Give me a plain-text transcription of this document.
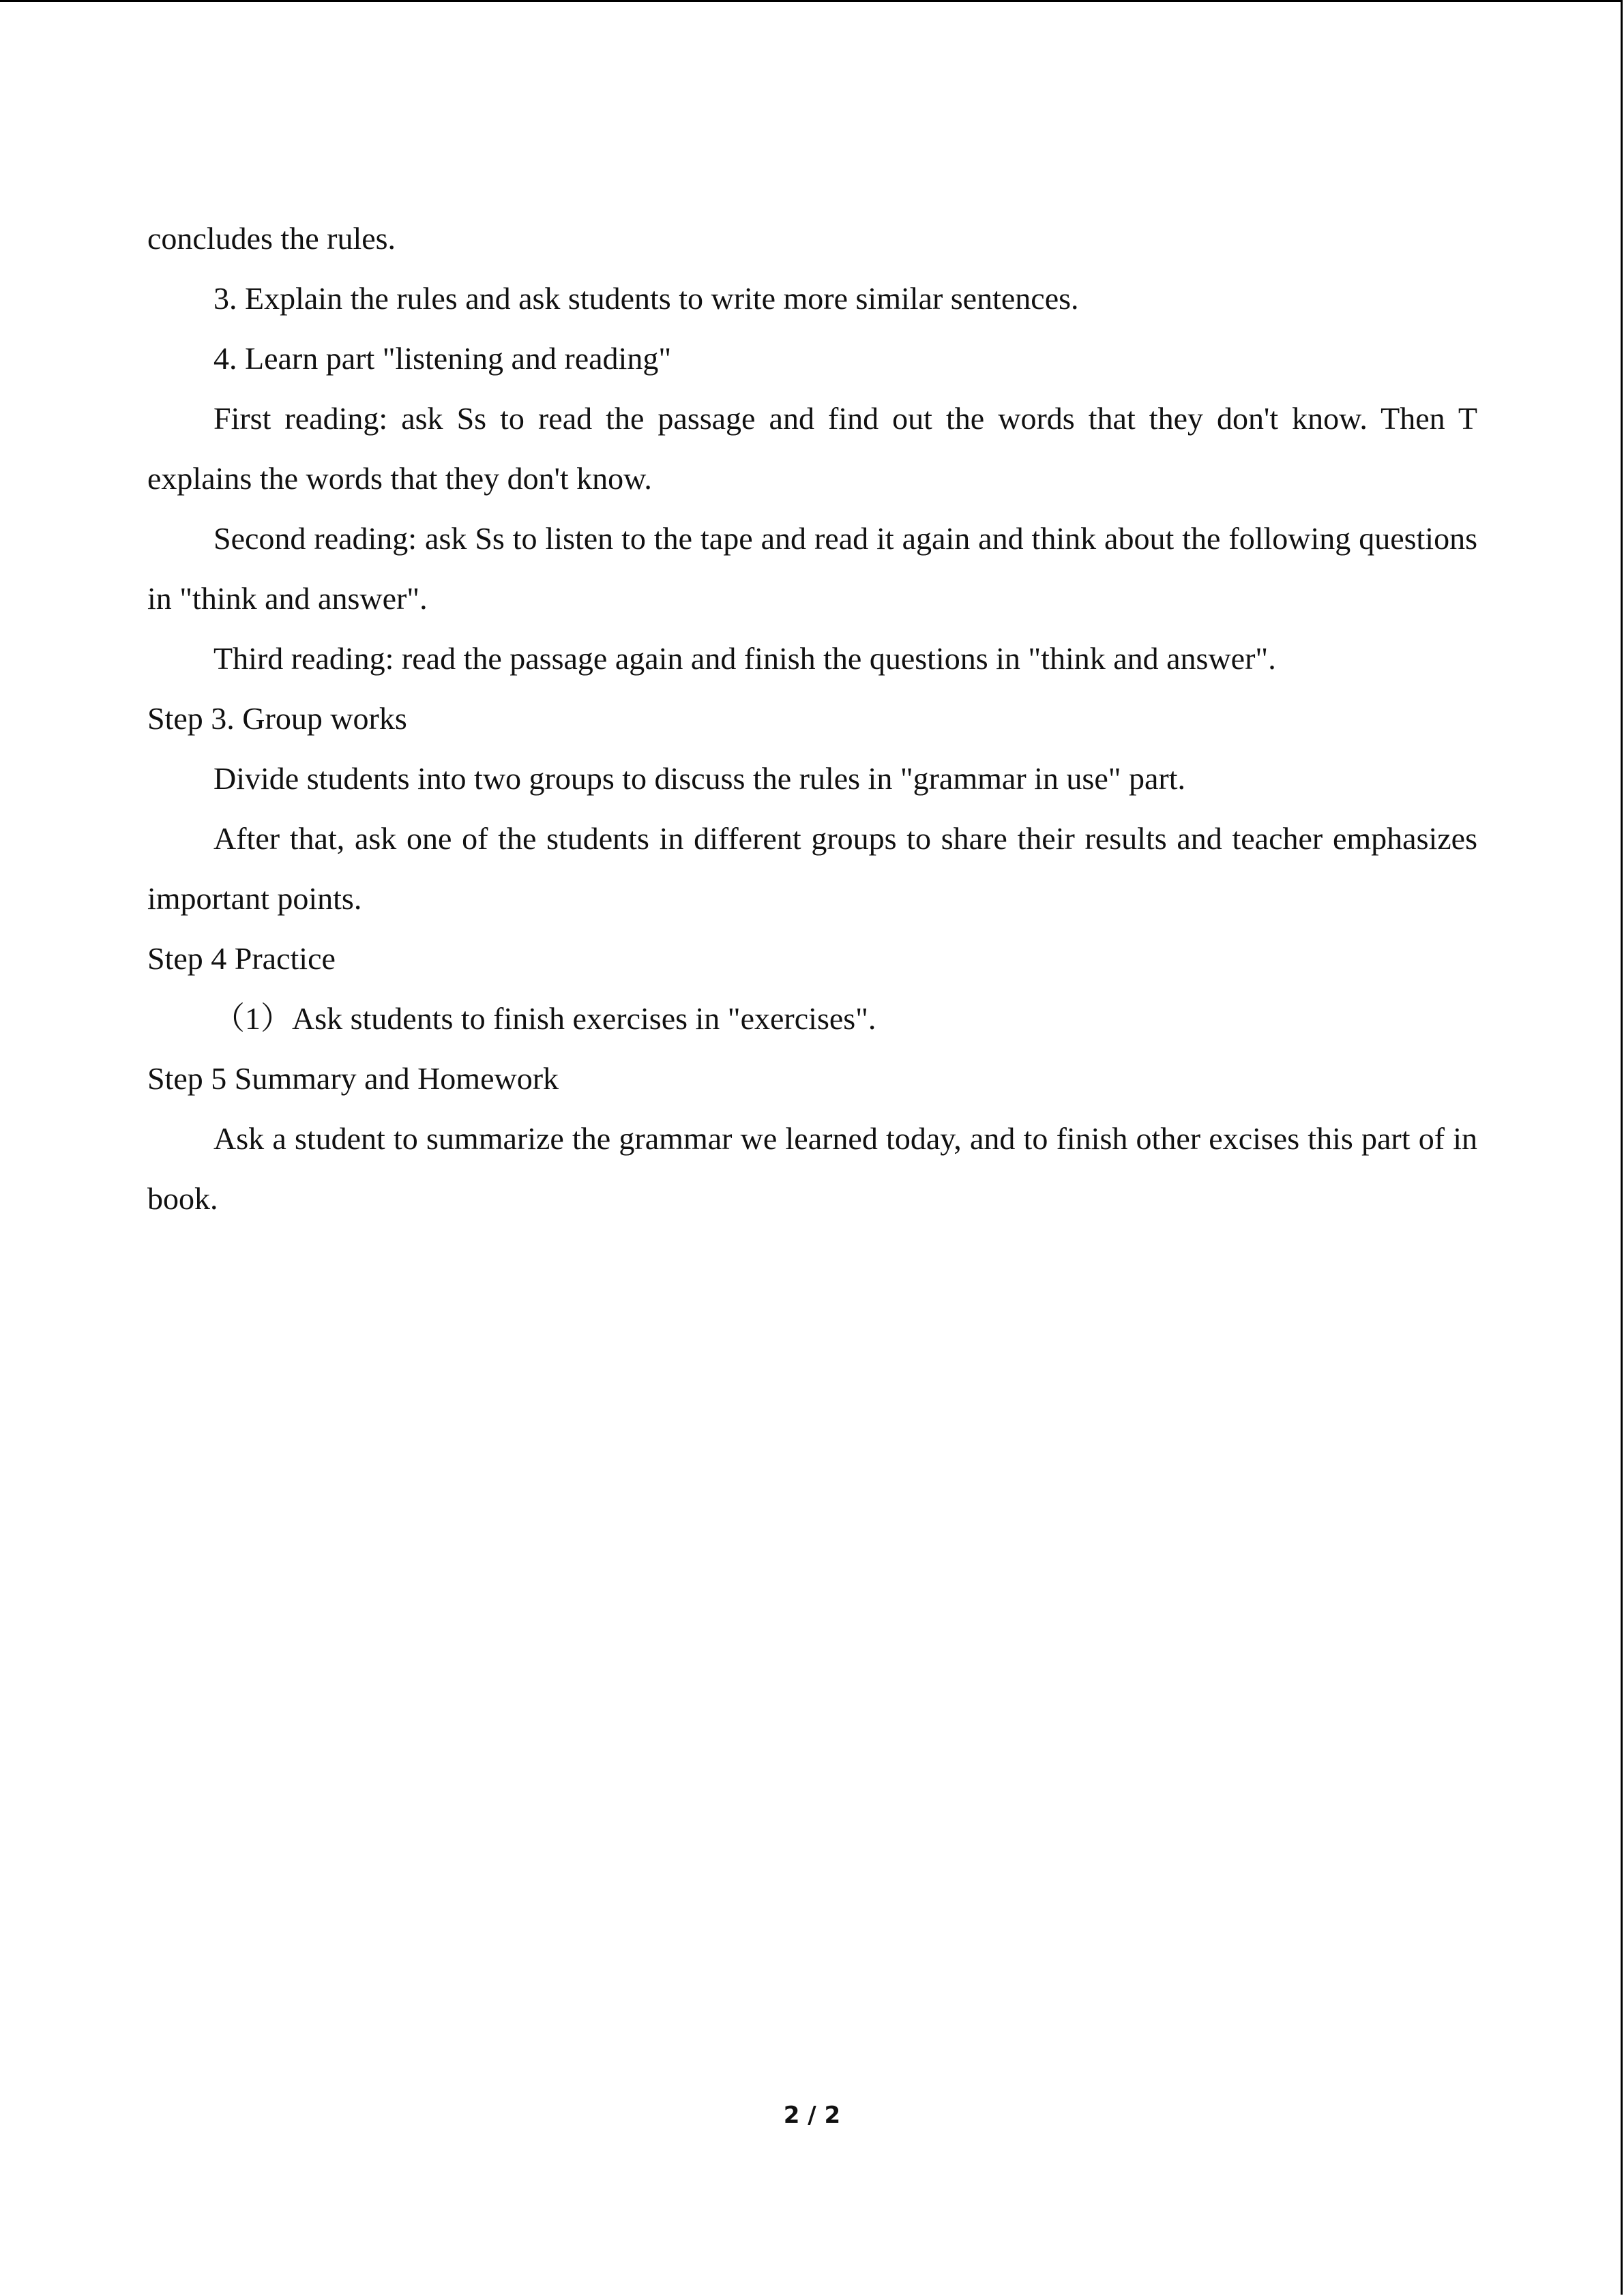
concludes the rules.

3. Explain the rules and ask students to write more similar sentences.

4. Learn part "listening and reading"

First reading: ask Ss to read the passage and find out the words that they don't know. Then T explains the words that they don't know.

Second reading: ask Ss to listen to the tape and read it again and think about the following questions in "think and answer".

Third reading: read the passage again and finish the questions in "think and answer".

Step 3. Group works

Divide students into two groups to discuss the rules in "grammar in use" part.

After that, ask one of the students in different groups to share their results and teacher emphasizes important points.

Step 4 Practice

（1）Ask students to finish exercises in "exercises".

Step 5 Summary and Homework

Ask a student to summarize the grammar we learned today, and to finish other excises this part of in book.

2 / 2
